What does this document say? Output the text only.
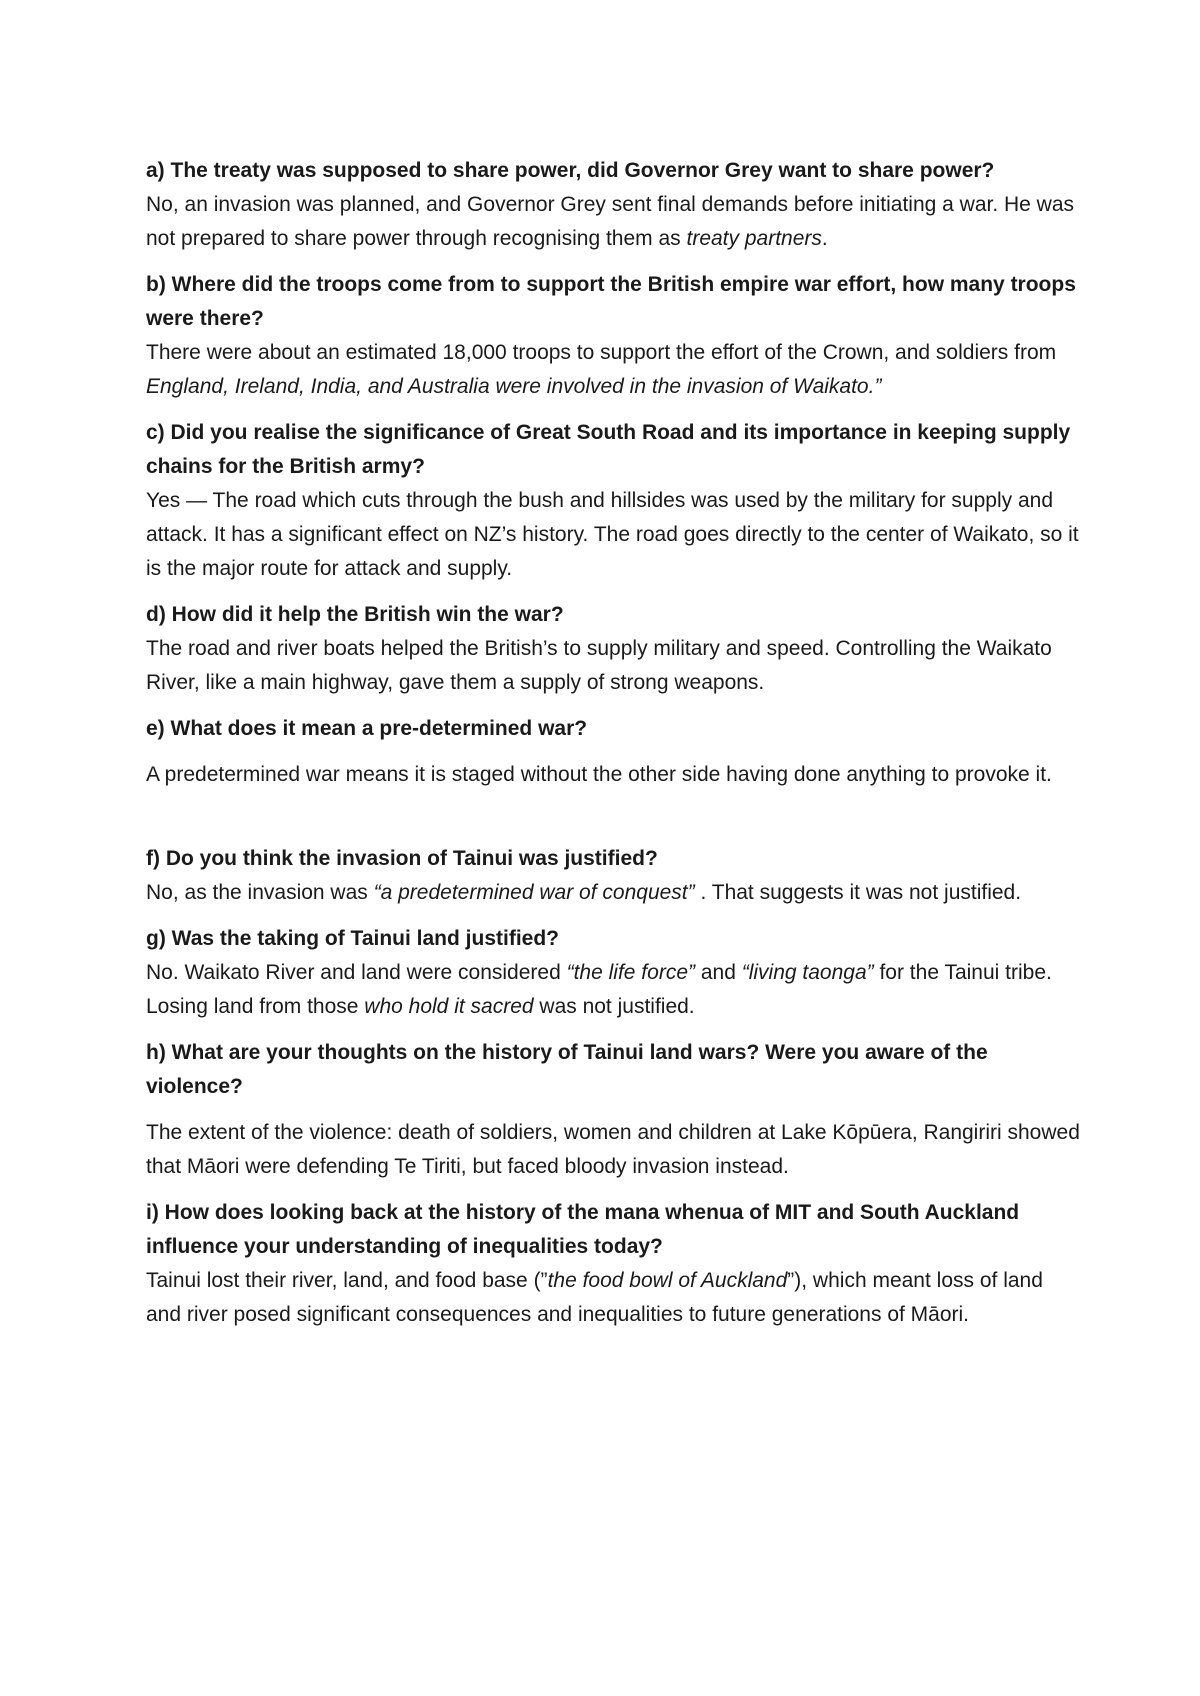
a) The treaty was supposed to share power, did Governor Grey want to share power?

No, an invasion was planned, and Governor Grey sent final demands before initiating a war. He was not prepared to share power through recognising them as treaty partners.

b) Where did the troops come from to support the British empire war effort, how many troops were there?

There were about an estimated 18,000 troops to support the effort of the Crown, and soldiers from England, Ireland, India, and Australia were involved in the invasion of Waikato.”

c) Did you realise the significance of Great South Road and its importance in keeping supply chains for the British army?

Yes — The road which cuts through the bush and hillsides was used by the military for supply and attack. It has a significant effect on NZ’s history. The road goes directly to the center of Waikato, so it is the major route for attack and supply.

d) How did it help the British win the war?

The road and river boats helped the British’s to supply military and speed. Controlling the Waikato River, like a main highway, gave them a supply of strong weapons.

e) What does it mean a pre-determined war?

A predetermined war means it is staged without the other side having done anything to provoke it.

f) Do you think the invasion of Tainui was justified?

No, as the invasion was “a predetermined war of conquest” . That suggests it was not justified.

g) Was the taking of Tainui land justified?

No. Waikato River and land were considered “the life force” and “living taonga” for the Tainui tribe. Losing land from those who hold it sacred was not justified.

h) What are your thoughts on the history of Tainui land wars? Were you aware of the violence?

The extent of the violence: death of soldiers, women and children at Lake Kōpūera, Rangiriri showed that Māori were defending Te Tiriti, but faced bloody invasion instead.

i) How does looking back at the history of the mana whenua of MIT and South Auckland influence your understanding of inequalities today?

Tainui lost their river, land, and food base (”the food bowl of Auckland”), which meant loss of land and river posed significant consequences and inequalities to future generations of Māori.
